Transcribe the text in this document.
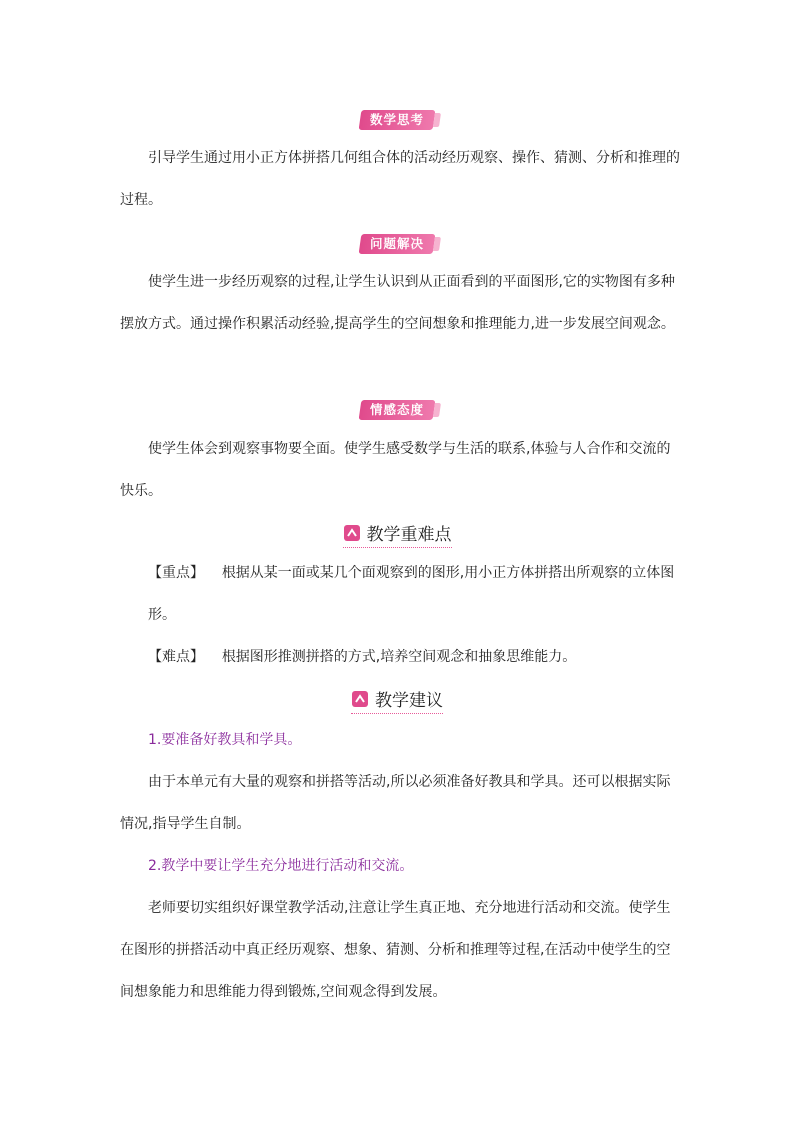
数学思考

引导学生通过用小正方体拼搭几何组合体的活动经历观察、操作、猜测、分析和推理的过程。

问题解决

使学生进一步经历观察的过程,让学生认识到从正面看到的平面图形,它的实物图有多种摆放方式。通过操作积累活动经验,提高学生的空间想象和推理能力,进一步发展空间观念。

情感态度

使学生体会到观察事物要全面。使学生感受数学与生活的联系,体验与人合作和交流的快乐。

教学重难点

【重点】 根据从某一面或某几个面观察到的图形,用小正方体拼搭出所观察的立体图形。

【难点】 根据图形推测拼搭的方式,培养空间观念和抽象思维能力。

教学建议

1.要准备好教具和学具。

由于本单元有大量的观察和拼搭等活动,所以必须准备好教具和学具。还可以根据实际情况,指导学生自制。

2.教学中要让学生充分地进行活动和交流。

老师要切实组织好课堂教学活动,注意让学生真正地、充分地进行活动和交流。使学生在图形的拼搭活动中真正经历观察、想象、猜测、分析和推理等过程,在活动中使学生的空间想象能力和思维能力得到锻炼,空间观念得到发展。
